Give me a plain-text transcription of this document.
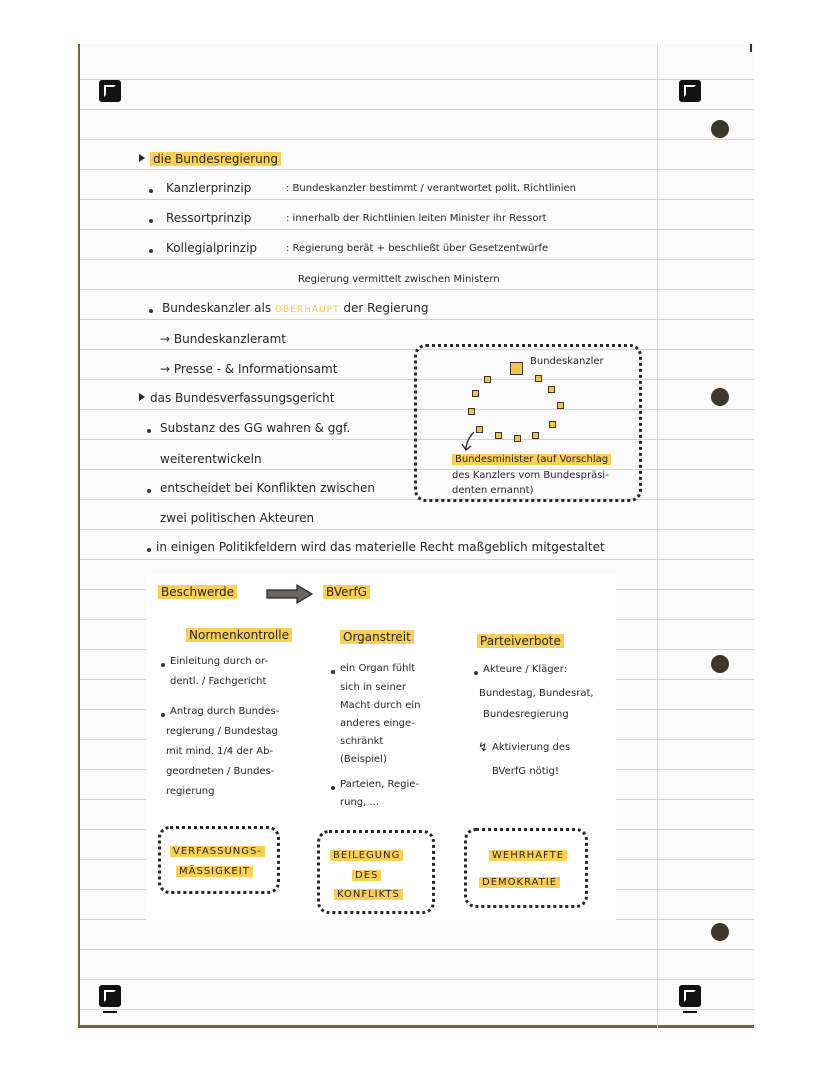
die Bundesregierung
Kanzlerprinzip	: Bundeskanzler bestimmt / verantwortet polit. Richtlinien
Ressortprinzip	: innerhalb der Richtlinien leiten Minister ihr Ressort
Kollegialprinzip	: Regierung berät + beschließt über Gesetzentwürfe
Regierung vermittelt zwischen Ministern
Bundeskanzler als OBERHAUPT der Regierung
→ Bundeskanzleramt
→ Presse - & Informationsamt
Bundeskanzler
Bundesminister (auf Vorschlag
des Kanzlers vom Bundespräsi-
denten ernannt)
das Bundesverfassungsgericht
Substanz des GG wahren & ggf.
weiterentwickeln
entscheidet bei Konflikten zwischen
zwei politischen Akteuren
in einigen Politikfeldern wird das materielle Recht maßgeblich mitgestaltet
Beschwerde	BVerfG
Normenkontrolle
Einleitung durch or-
dentl. / Fachgericht
Antrag durch Bundes-
regierung / Bundestag
mit mind. 1/4 der Ab-
geordneten / Bundes-
regierung
VERFASSUNGS-
MÄSSIGKEIT
Organstreit
ein Organ fühlt
sich in seiner
Macht durch ein
anderes einge-
schränkt
(Beispiel)
Parteien, Regie-
rung, ...
BEILEGUNG
DES
KONFLIKTS
Parteiverbote
Akteure / Kläger:
Bundestag, Bundesrat,
Bundesregierung
↯ Aktivierung des
BVerfG nötig!
WEHRHAFTE
DEMOKRATIE
